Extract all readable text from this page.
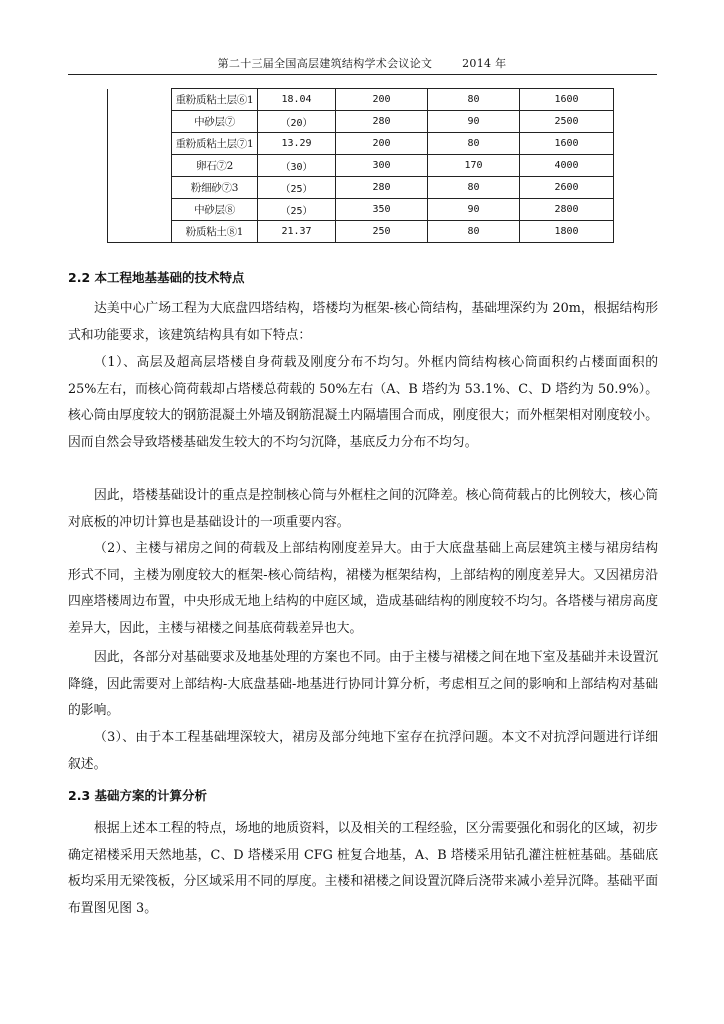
第二十三届全国高层建筑结构学术会议论文	2014 年
	重粉质粘土层⑥1	18.04	200	80	1600
	中砂层⑦	（20）	280	90	2500
	重粉质粘土层⑦1	13.29	200	80	1600
	卵石⑦2	（30）	300	170	4000
	粉细砂⑦3	（25）	280	80	2600
	中砂层⑧	（25）	350	90	2800
	粉质粘土⑧1	21.37	250	80	1800
2.2 本工程地基基础的技术特点

达美中心广场工程为大底盘四塔结构，塔楼均为框架-核心筒结构，基础埋深约为 20m，根据结构形式和功能要求，该建筑结构具有如下特点：

（1）、高层及超高层塔楼自身荷载及刚度分布不均匀。外框内筒结构核心筒面积约占楼面面积的 25%左右，而核心筒荷载却占塔楼总荷载的 50%左右（A、B 塔约为 53.1%、C、D 塔约为 50.9%）。核心筒由厚度较大的钢筋混凝土外墙及钢筋混凝土内隔墙围合而成，刚度很大；而外框架相对刚度较小。因而自然会导致塔楼基础发生较大的不均匀沉降，基底反力分布不均匀。

因此，塔楼基础设计的重点是控制核心筒与外框柱之间的沉降差。核心筒荷载占的比例较大，核心筒对底板的冲切计算也是基础设计的一项重要内容。

（2）、主楼与裙房之间的荷载及上部结构刚度差异大。由于大底盘基础上高层建筑主楼与裙房结构形式不同，主楼为刚度较大的框架-核心筒结构，裙楼为框架结构，上部结构的刚度差异大。又因裙房沿四座塔楼周边布置，中央形成无地上结构的中庭区域，造成基础结构的刚度较不均匀。各塔楼与裙房高度差异大，因此，主楼与裙楼之间基底荷载差异也大。

因此，各部分对基础要求及地基处理的方案也不同。由于主楼与裙楼之间在地下室及基础并未设置沉降缝，因此需要对上部结构-大底盘基础-地基进行协同计算分析，考虑相互之间的影响和上部结构对基础的影响。

（3）、由于本工程基础埋深较大，裙房及部分纯地下室存在抗浮问题。本文不对抗浮问题进行详细叙述。

2.3 基础方案的计算分析

根据上述本工程的特点，场地的地质资料，以及相关的工程经验，区分需要强化和弱化的区域，初步确定裙楼采用天然地基，C、D 塔楼采用 CFG 桩复合地基，A、B 塔楼采用钻孔灌注桩桩基础。基础底板均采用无梁筏板，分区域采用不同的厚度。主楼和裙楼之间设置沉降后浇带来减小差异沉降。基础平面布置图见图 3。
